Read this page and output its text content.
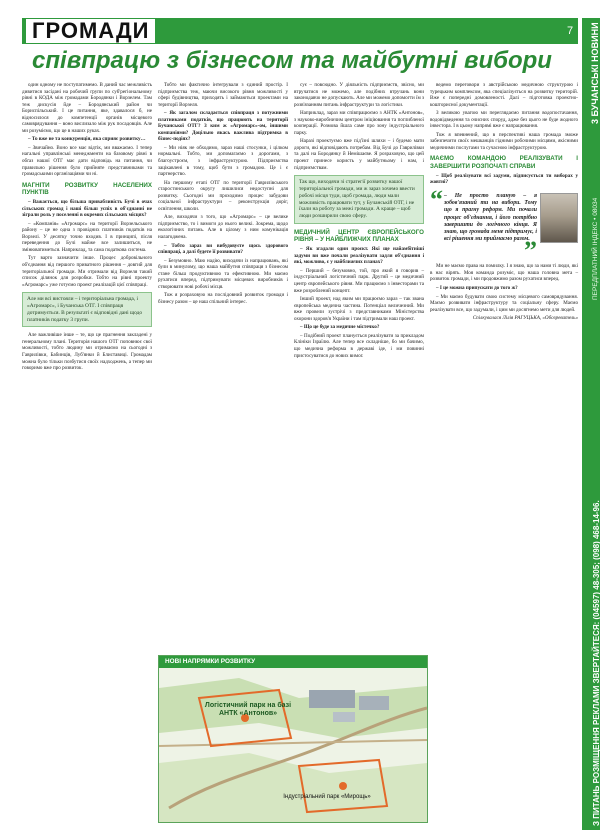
ГРОМАДИ	7
співпрацю з бізнесом та майбутні вибори

один одному не поступатимемо. В даний час межливість дивитися засідані на робочий групи по суб'регіональному рівні в КОДА між громадами Бородянки і Ворзелем. Там теж дискусія йде – Бородянський район чи Бориспільський. І це питання, яке, здавалося б, не відносилося до компетенції органів місцевого самоврядування – воно вислизало між рук посадовців. Але ми розуміємо, що це в наших руках.

– То вже не та конкуренція, яка сприяє розвитку…

– Звичайно. Воно все має відтік, ми вважаємо. І тепер нагальні управлінські менеджменти на базовому рівні в обґаз нашої ОТГ має дати відповідь на питання, чи правильно рішення було прийняте представниками та громадськими організаціями чи ні.

МАГНІТИ РОЗВИТКУ НАСЕЛЕНИХ ПУНКТІВ

– Важається, що більша привабливість Бучі в очах сільських громад і наші більш успіх в об'єднанні не зіграли роль у поселенні в окремих сільських місцях?

– «Компанія» «Агромарс» на території Ворзельського району – це не одна з провідних платників податків на Ворзелі. У десятку точно входив. І в принципі, після переведення до Бучі майже все залишиться, не змінюватиметься. Наприклад, та сама податкова система.

Тут варто зазначити інше. Процес добровільного об'єднання від першого приватного рішення – довгий для територіальної громади. Ми отримали від Ворзеля такий список ділянок для розробки. Тобто на рівні проекту «Агромарс» уже готуємо проект реалізацій цієї співпраці.

Але ми всі вистояли – і територіальна громада, і «Агромарс», і Бучанська ОТГ. І співпраця дотримується. В результаті є відповідні дані щодо платників податку 3 групи.

Але важливіше інше – те, що це прагнення закладені у генеральному плані. Територія нашого ОТГ поповнює свої можливості, тобто людину ми отримаємо на сьогодні з Гаврилівки, Бабинців, Луб'янки й Блиставиці. Громадам можна було тільки позбутися своїх надходжень, а тепер ми говоримо вже про розвиток.

Тобто ми фактично інтегрували з єдиний простір. І підприємства теж, маючи високого рівня можливості у сфері будівництва, приходять і займаються проектами на території Ворзеля.

– Як загалом складається співпраця з потужними платниками податків, що працюють на території Бучанської ОТГ? З ким ж «Агромарс»-ом, іншими компаніями? Доцільно якась важлива підтримка в бізнес-подіях?

– Ми ніяк не обходимо, зараз наші стосунки, і цілком нормальні. Тобто, ми допомагаємо з дорогами, з благоустроєм, з інфраструктурою. Підприємства зацікавлені в тому, щоб бути з громадою. Це і є партнерство.

На першому етапі ОТГ по території Гаврилівського старостинського округу лишилися недоступні для розвитку. Сьогодні ми проходимо процес забудови соціальної інфраструктури – реконструкція доріг, освітлення, школи.

Але, виходячи з того, що «Агромарс» – це велике підприємство, то і вимоги до нього великі. Зокрема, щодо екологічних питань. Але в цілому з ним комунікація налагоджена.

– Тобто зараз ви вибудовуєте щось здорового співпраці, а далі будете її розвивати?

– Безумовно. Маю надію, виходячи із напрацювань, які були в минулому, що наша майбутня співпраця з бізнесом стане більш продуктивною та ефективною. Ми маємо рухатися вперед, підтримувати місцевих виробників і створювати нові робочі місця.

Тож я розраховую на послідовний розвиток громади і бізнесу разом – це наш спільний інтерес.

сує – повсюдно. У діяльність підприємств, звісно, ми втручатися не можемо, але подібних втручань вони законодавчо не допускають. Але ми можемо допомогти їм з розв'язанням питань інфраструктури та логістики.

Наприклад, зараз ми співпрацюємо з АНТК «Антонов», з науково-виробничим центром ініціювання та поглибленої кооперації. Розмова йшла саме про зону індустріального парку.

Наразі проектуємо вже під'їзні шляхи – і будемо мати дороги, які відповідають потребам. Від Бучі до Гаврилівки та далі на Бородянку й Немішаєве. Я розраховую, що цей проект принесе користь у майбутньому і нам, і підприємствам.

Так що, виходячи зі стратегії розвитку нашої територіальної громади, ми ж зараз хочемо ввести робочі місця туди, щоб громада, люди мали можливість працювати тут, у Бучанській ОТГ, і не їхали на роботу за межі громади. А краще – щоб люди розширили свою сферу.
МЕДИЧНИЙ ЦЕНТР ЄВРОПЕЙСЬКОГО РІВНЯ – У НАЙБЛИЖЧИХ ПЛАНАХ

– Як згадали один проєкт. Які ще найамбітніші задуми ви вже почали реалізувати задля об'єднання і які, можливо, є у найближчих планах?

– Перший – безумовно, той, про який я говорив – індустріальний логістичний парк. Другий – це медичний центр європейського рівня. Ми працюємо з інвесторами та вже розроблений концепт.

Інший проект, над яким ми працюємо зараз – так звана європейська медична частина. Потенціал величезний. Ми вже провели зустрічі з представниками Міністерства охорони здоров'я України і там підтримали наш проект.

– Що це буде за медичне містечко?

– Подібний проект планується реалізувати за прикладом Клініки Ізраїлю. Але тепер все складніше, бо ми бачимо, що медична реформа в державі іде, і ми повинні пристосуватися до нових вимог.

ведемо переговори з австрійською медичною структурою і турецьким комплексом, яка спеціалізується на розвитку територій. Вже є попередні домовленості. Далі – підготовка проектно-кошторисної документації.

З великою увагою ми переглядаємо питання водопостачання, водовідведення та очисних споруд, адже без цього не буде жодного інвестора. І в цьому напрямі вже є напрацювання.

Тож я впевнений, що в перспективі наша громада зможе забезпечити своїх мешканців гідними робочими місцями, якісними медичними послугами та сучасною інфраструктурою.

МАЄМО КОМАНДОЮ РЕАЛІЗУВАТИ І ЗАВЕРШИТИ РОЗПОЧАТІ СПРАВИ

– Щоб реалізувати всі задуми, підписується ти виборах у жовтні?

“ – Не просто планую – я зобов'язаний ти на вибори. Тому що я прагну реформ. Ми почали процес об'єднання, і його потрібно завершити до логічного кінця. Я знаю, що громада мене підтримує, і всі рішення ми приймаємо разом.
”

Ми не маємо права на помилку. І я знаю, що за нами ті люди, які в нас вірять. Моя команда розуміє, що наша головна мета – розвиток громади, і ми продовжимо разом рухатися вперед.

– І це можна припускати до того ж?

– Ми маємо будувати свою систему місцевого самоврядування. Маємо розвивати інфраструктуру та соціальну сферу. Маємо реалізувати все, що задумали, і цим ми досягнемо мети для людей.

Спілкувалася Лілія РАГУЦЬКА, «Обозреватель»

НОВІ НАПРЯМКИ РОЗВИТКУ
Логістичний парк на базі АНТК «Антонов»
Індустріальний парк «Мирощь»
3 БУЧАНСЬКІ НОВИНИ
ПЕРЕДПЛАТНИЙ ІНДЕКС • 08034
З ПИТАНЬ РОЗМІЩЕННЯ РЕКЛАМИ ЗВЕРТАЙТЕСЯ: (04597) 48-305; (098) 468-14-96.
